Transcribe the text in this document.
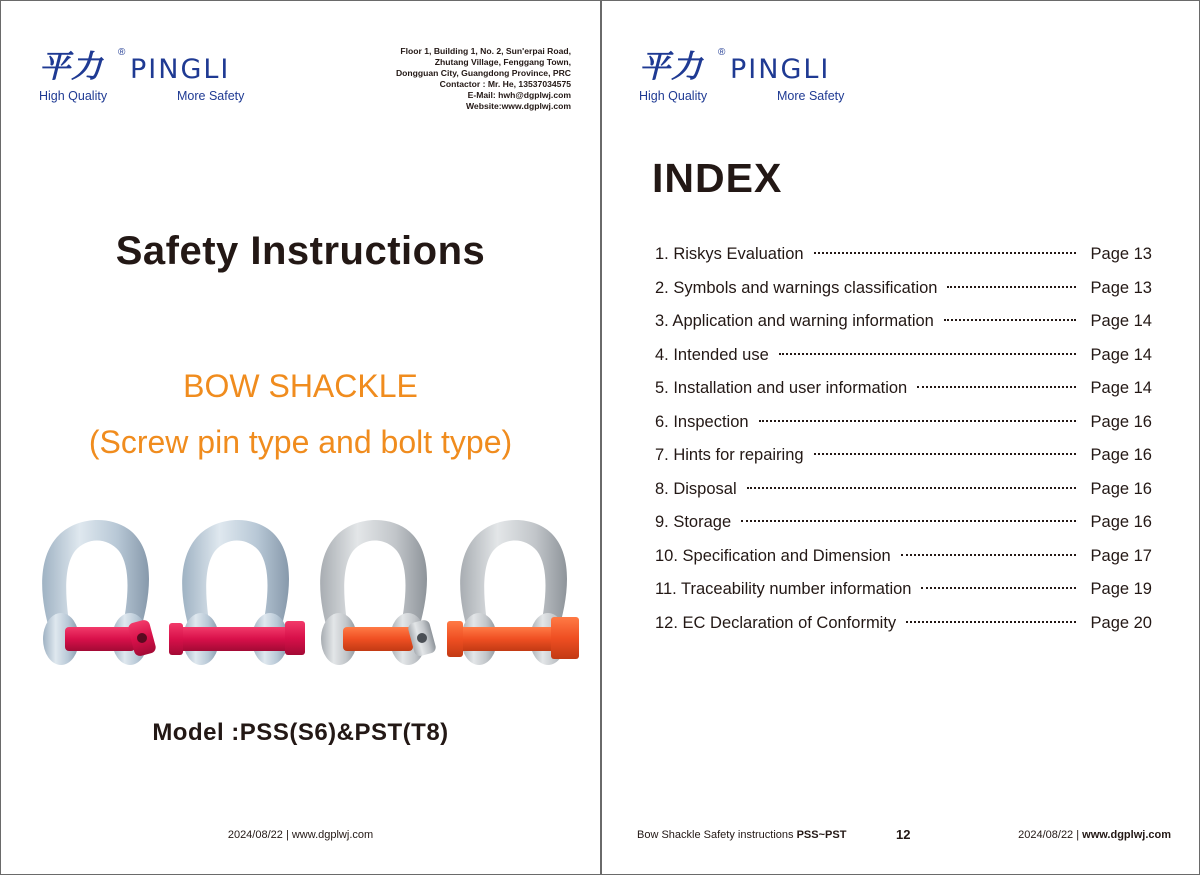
平力 ®
PINGLI
High Quality	More Safety
Floor 1, Building 1, No. 2, Sun'erpai Road,
Zhutang Village, Fenggang Town,
Dongguan City, Guangdong Province, PRC
Contactor : Mr. He, 13537034575
E-Mail: hwh@dgplwj.com
Website:www.dgplwj.com
Safety Instructions
BOW SHACKLE
(Screw pin type and bolt type)
Model :PSS(S6)&PST(T8)
2024/08/22 | www.dgplwj.com
平力 ®
PINGLI
High Quality	More Safety
INDEX
1. Riskys Evaluation	Page 13
2. Symbols and warnings classification	Page 13
3. Application and warning information	Page 14
4. Intended use	Page 14
5. Installation and user information	Page 14
6. Inspection	Page 16
7. Hints for repairing	Page 16
8. Disposal	Page 16
9. Storage	Page 16
10. Specification and Dimension	Page 17
11. Traceability number information	Page 19
12. EC Declaration of Conformity	Page 20
Bow Shackle Safety instructions PSS~PST	12	2024/08/22 | www.dgplwj.com
